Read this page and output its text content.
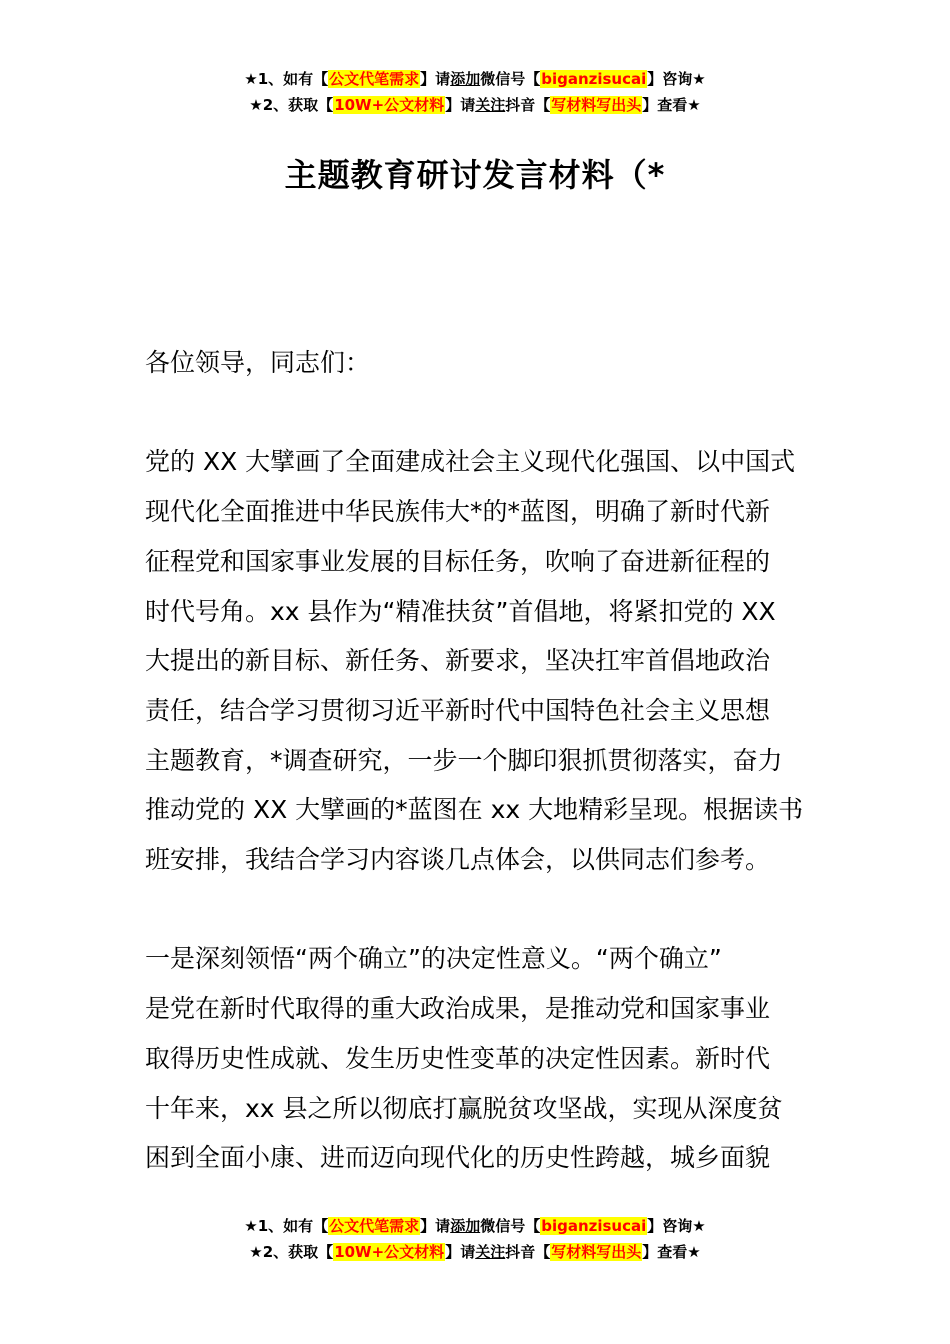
★1、如有【公文代笔需求】请添加微信号【biganzisucai】咨询★
★2、获取【10W+公文材料】请关注抖音【写材料写出头】查看★
主题教育研讨发言材料（*

各位领导，同志们：

党的 XX 大擘画了全面建成社会主义现代化强国、以中国式
现代化全面推进中华民族伟大*的*蓝图，明确了新时代新
征程党和国家事业发展的目标任务，吹响了奋进新征程的
时代号角。xx 县作为“精准扶贫”首倡地，将紧扣党的 XX
大提出的新目标、新任务、新要求，坚决扛牢首倡地政治
责任，结合学习贯彻习近平新时代中国特色社会主义思想
主题教育，*调查研究，一步一个脚印狠抓贯彻落实，奋力
推动党的 XX 大擘画的*蓝图在 xx 大地精彩呈现。根据读书
班安排，我结合学习内容谈几点体会，以供同志们参考。

一是深刻领悟“两个确立”的决定性意义。“两个确立”
是党在新时代取得的重大政治成果，是推动党和国家事业
取得历史性成就、发生历史性变革的决定性因素。新时代
十年来，xx 县之所以彻底打赢脱贫攻坚战，实现从深度贫
困到全面小康、进而迈向现代化的历史性跨越，城乡面貌

★1、如有【公文代笔需求】请添加微信号【biganzisucai】咨询★
★2、获取【10W+公文材料】请关注抖音【写材料写出头】查看★
